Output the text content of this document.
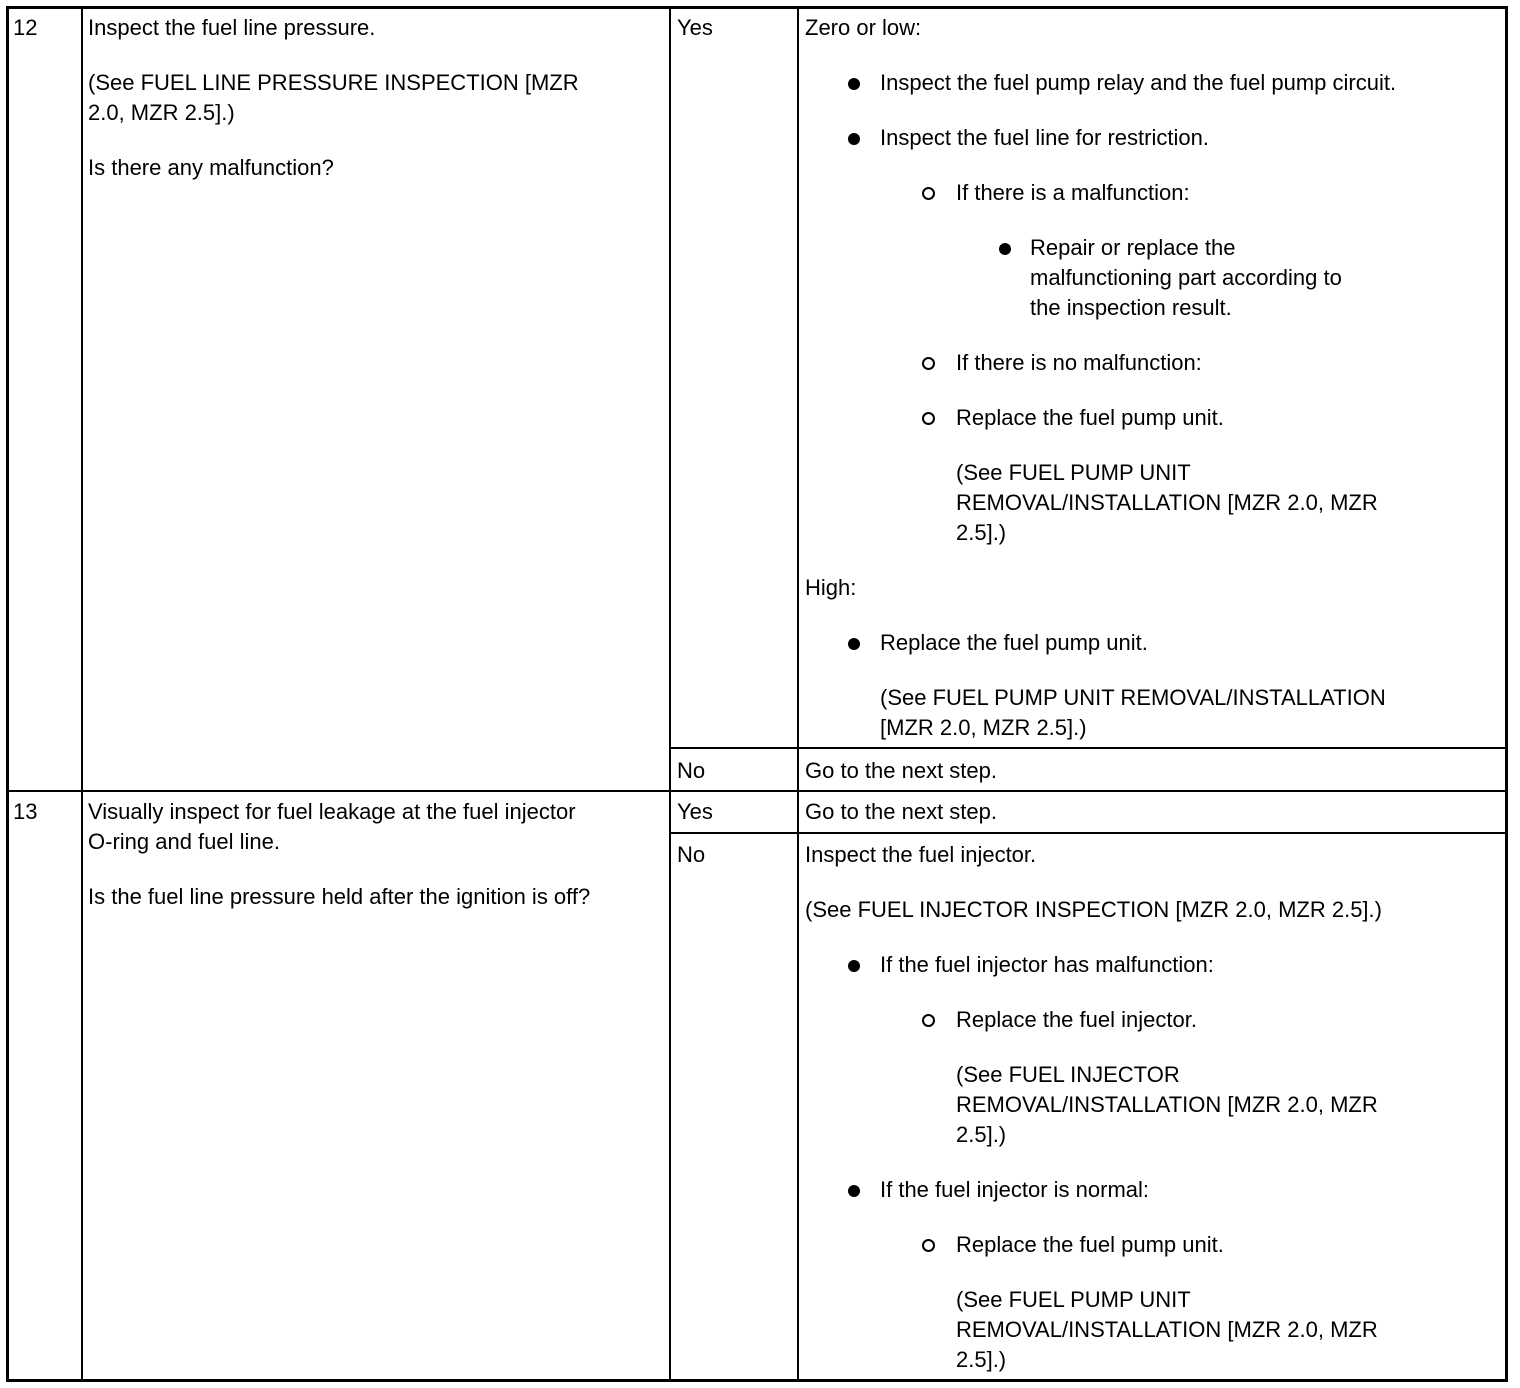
12 Inspect the fuel line pressure.
(See FUEL LINE PRESSURE INSPECTION [MZR
2.0, MZR 2.5].)
Is there any malfunction?
Yes	Zero or low:
Inspect the fuel pump relay and the fuel pump circuit.
Inspect the fuel line for restriction.
If there is a malfunction:
Repair or replace the
malfunctioning part according to
the inspection result.
If there is no malfunction:
Replace the fuel pump unit.
(See FUEL PUMP UNIT
REMOVAL/INSTALLATION [MZR 2.0, MZR
2.5].)
High:
Replace the fuel pump unit.
(See FUEL PUMP UNIT REMOVAL/INSTALLATION
[MZR 2.0, MZR 2.5].)
No	Go to the next step.
13 Visually inspect for fuel leakage at the fuel injector
O-ring and fuel line.
Is the fuel line pressure held after the ignition is off?
Yes	Go to the next step.
No	Inspect the fuel injector.
(See FUEL INJECTOR INSPECTION [MZR 2.0, MZR 2.5].)
If the fuel injector has malfunction:
Replace the fuel injector.
(See FUEL INJECTOR
REMOVAL/INSTALLATION [MZR 2.0, MZR
2.5].)
If the fuel injector is normal:
Replace the fuel pump unit.
(See FUEL PUMP UNIT
REMOVAL/INSTALLATION [MZR 2.0, MZR
2.5].)
